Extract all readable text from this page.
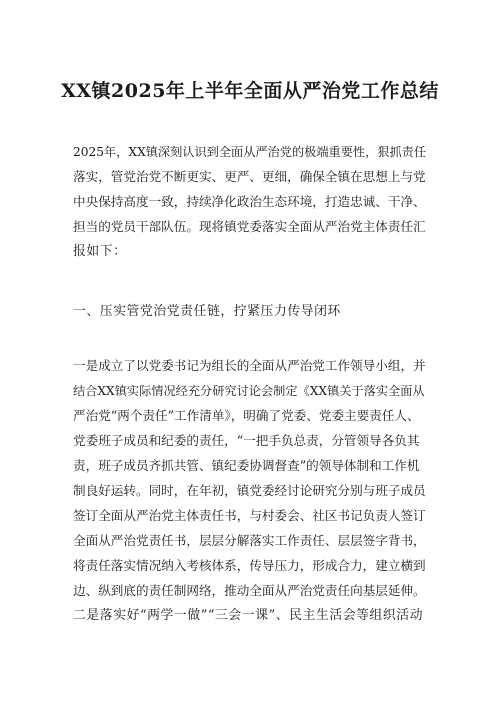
XX镇2025年上半年全面从严治党工作总结
2025年，XX镇深刻认识到全面从严治党的极端重要性，狠抓责任
落实，管党治党不断更实、更严、更细，确保全镇在思想上与党
中央保持高度一致，持续净化政治生态环境，打造忠诚、干净、
担当的党员干部队伍。现将镇党委落实全面从严治党主体责任汇
报如下：
一、压实管党治党责任链，拧紧压力传导闭环
一是成立了以党委书记为组长的全面从严治党工作领导小组，并
结合XX镇实际情况经充分研究讨论会制定《XX镇关于落实全面从
严治党“两个责任”工作清单》，明确了党委、党委主要责任人、
党委班子成员和纪委的责任，“一把手负总责，分管领导各负其
责，班子成员齐抓共管、镇纪委协调督查”的领导体制和工作机
制良好运转。同时，在年初，镇党委经讨论研究分别与班子成员
签订全面从严治党主体责任书，与村委会、社区书记负责人签订
全面从严治党责任书，层层分解落实工作责任、层层签字背书，
将责任落实情况纳入考核体系，传导压力，形成合力，建立横到
边、纵到底的责任制网络，推动全面从严治党责任向基层延伸。
二是落实好“两学一做”“三会一课”、民主生活会等组织活动
